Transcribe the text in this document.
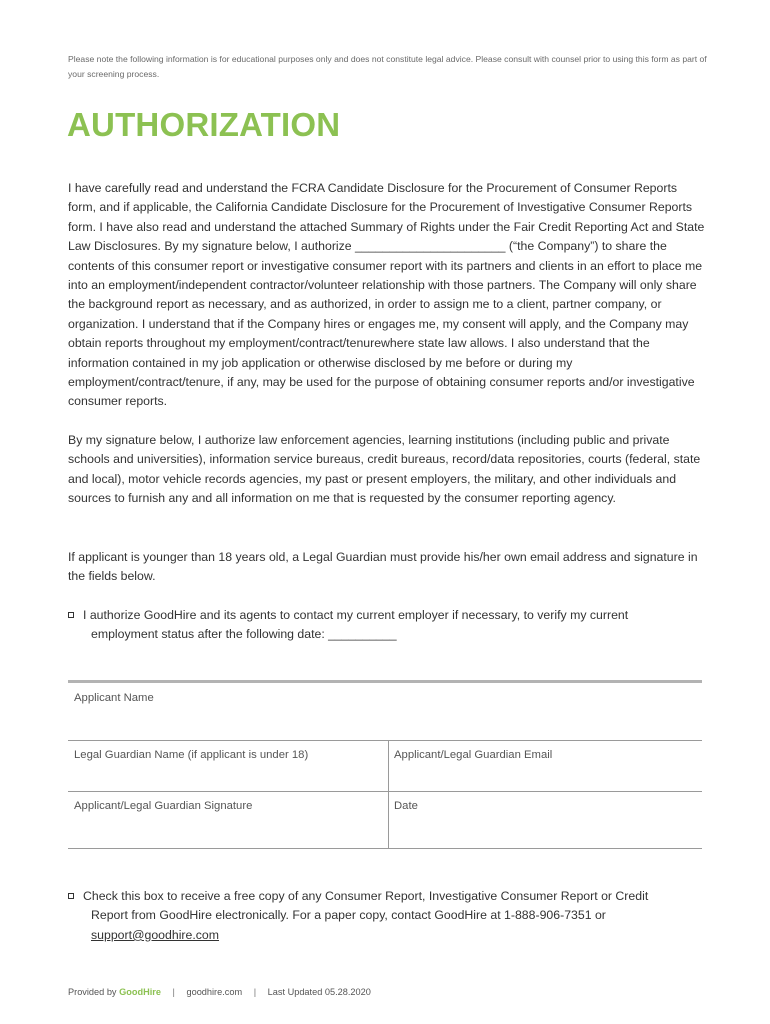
Please note the following information is for educational purposes only and does not constitute legal advice. Please consult with counsel prior to using this form as part of your screening process.
AUTHORIZATION

I have carefully read and understand the FCRA Candidate Disclosure for the Procurement of Consumer Reports form, and if applicable, the California Candidate Disclosure for the Procurement of Investigative Consumer Reports form. I have also read and understand the attached Summary of Rights under the Fair Credit Reporting Act and State Law Disclosures. By my signature below, I authorize ______________________ (“the Company”) to share the contents of this consumer report or investigative consumer report with its partners and clients in an effort to place me into an employment/independent contractor/volunteer relationship with those partners. The Company will only share the background report as necessary, and as authorized, in order to assign me to a client, partner company, or organization. I understand that if the Company hires or engages me, my consent will apply, and the Company may obtain reports throughout my employment/contract/tenurewhere state law allows. I also understand that the information contained in my job application or otherwise disclosed by me before or during my employment/contract/tenure, if any, may be used for the purpose of obtaining consumer reports and/or investigative consumer reports.

By my signature below, I authorize law enforcement agencies, learning institutions (including public and private schools and universities), information service bureaus, credit bureaus, record/data repositories, courts (federal, state and local), motor vehicle records agencies, my past or present employers, the military, and other individuals and sources to furnish any and all information on me that is requested by the consumer reporting agency.

If applicant is younger than 18 years old, a Legal Guardian must provide his/her own email address and signature in the fields below.

I authorize GoodHire and its agents to contact my current employer if necessary, to verify my current
employment status after the following date: __________
Applicant Name
Legal Guardian Name (if applicant is under 18)	Applicant/Legal Guardian Email
Applicant/Legal Guardian Signature	Date
Check this box to receive a free copy of any Consumer Report, Investigative Consumer Report or Credit
Report from GoodHire electronically. For a paper copy, contact GoodHire at 1-888-906-7351 or
support@goodhire.com
Provided by GoodHire | goodhire.com | Last Updated 05.28.2020
